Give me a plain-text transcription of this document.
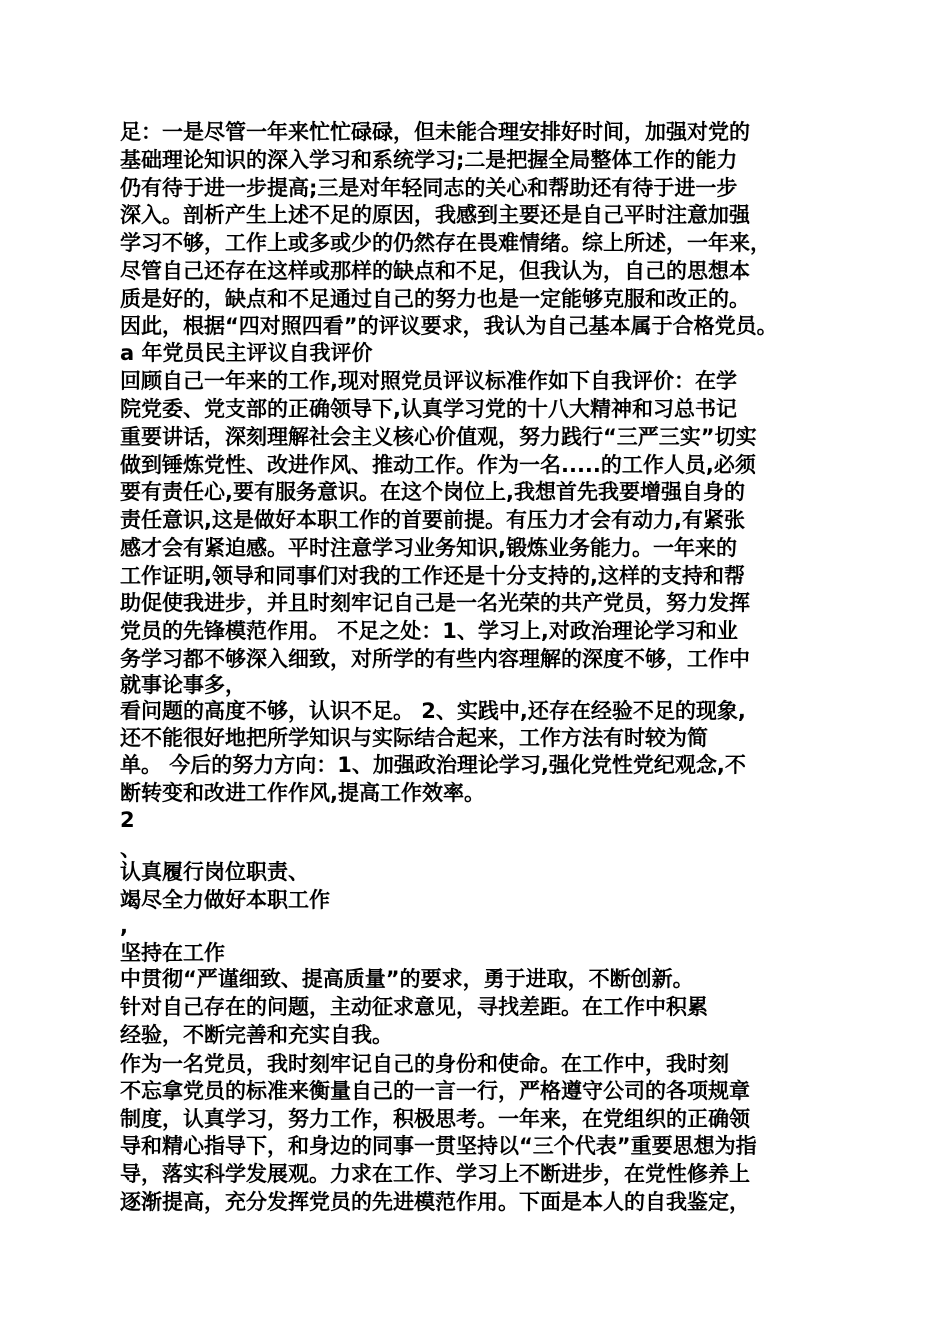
足：一是尽管一年来忙忙碌碌，但未能合理安排好时间，加强对党的
基础理论知识的深入学习和系统学习;二是把握全局整体工作的能力
仍有待于进一步提高;三是对年轻同志的关心和帮助还有待于进一步
深入。剖析产生上述不足的原因，我感到主要还是自己平时注意加强
学习不够，工作上或多或少的仍然存在畏难情绪。综上所述，一年来，
尽管自己还存在这样或那样的缺点和不足，但我认为，自己的思想本
质是好的，缺点和不足通过自己的努力也是一定能够克服和改正的。
因此，根据“四对照四看”的评议要求，我认为自己基本属于合格党员。
a 年党员民主评议自我评价
回顾自己一年来的工作,现对照党员评议标准作如下自我评价：在学
院党委、党支部的正确领导下,认真学习党的十八大精神和习总书记
重要讲话，深刻理解社会主义核心价值观，努力践行“三严三实”切实
做到锤炼党性、改进作风、推动工作。作为一名.....的工作人员,必须
要有责任心,要有服务意识。在这个岗位上,我想首先我要增强自身的
责任意识,这是做好本职工作的首要前提。有压力才会有动力,有紧张
感才会有紧迫感。平时注意学习业务知识,锻炼业务能力。一年来的
工作证明,领导和同事们对我的工作还是十分支持的,这样的支持和帮
助促使我进步，并且时刻牢记自己是一名光荣的共产党员，努力发挥
党员的先锋模范作用。 不足之处：1、学习上,对政治理论学习和业
务学习都不够深入细致，对所学的有些内容理解的深度不够，工作中
就事论事多，
看问题的高度不够，认识不足。 2、实践中,还存在经验不足的现象,
还不能很好地把所学知识与实际结合起来，工作方法有时较为简
单。 今后的努力方向：1、加强政治理论学习,强化党性党纪观念,不
断转变和改进工作作风,提高工作效率。
2
、
认真履行岗位职责、
竭尽全力做好本职工作
,
坚持在工作
中贯彻“严谨细致、提高质量”的要求，勇于进取，不断创新。
针对自己存在的问题，主动征求意见，寻找差距。在工作中积累
经验，不断完善和充实自我。
作为一名党员，我时刻牢记自己的身份和使命。在工作中，我时刻
不忘拿党员的标准来衡量自己的一言一行，严格遵守公司的各项规章
制度，认真学习，努力工作，积极思考。一年来，在党组织的正确领
导和精心指导下，和身边的同事一贯坚持以“三个代表”重要思想为指
导，落实科学发展观。力求在工作、学习上不断进步，在党性修养上
逐渐提高，充分发挥党员的先进模范作用。下面是本人的自我鉴定，
